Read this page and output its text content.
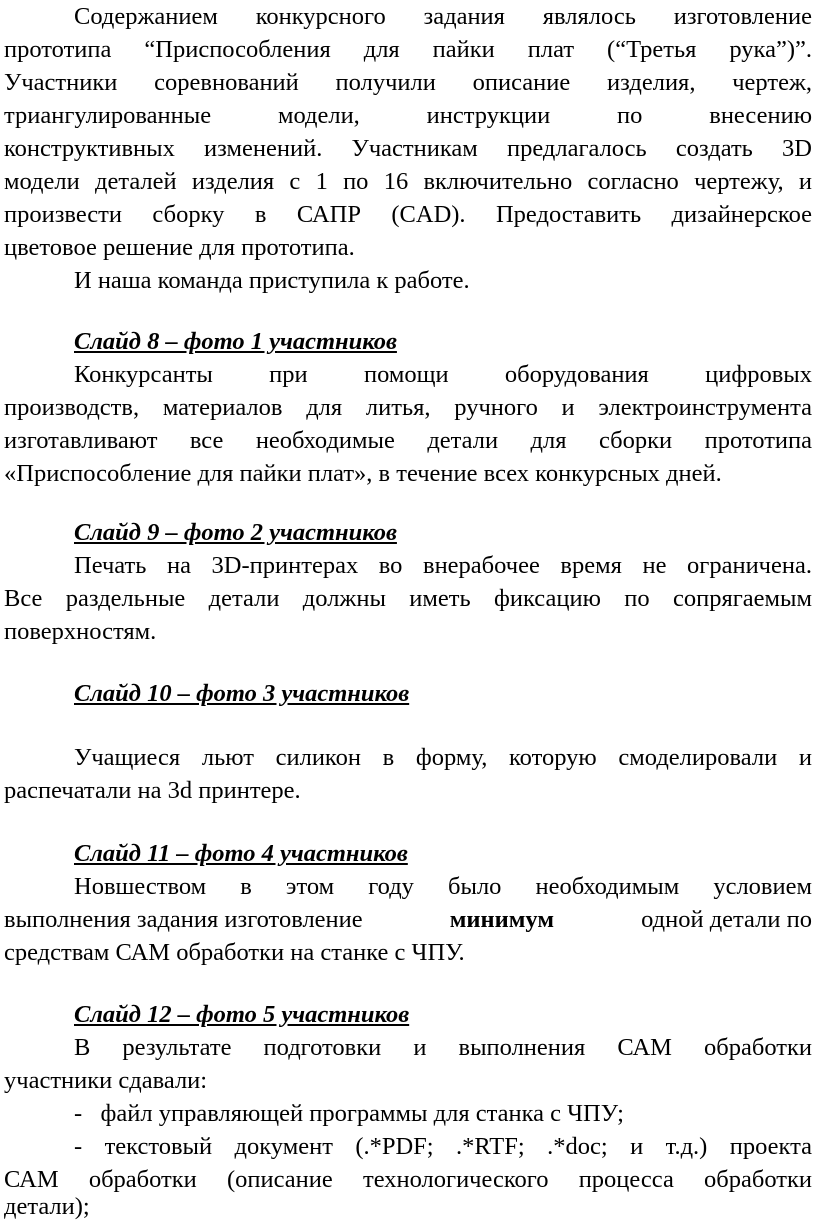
Содержанием конкурсного задания являлось изготовление
прототипа “Приспособления для пайки плат (“Третья рука”)”.
Участники соревнований получили описание изделия, чертеж,
триангулированные модели, инструкции по внесению
конструктивных изменений. Участникам предлагалось создать 3D
модели деталей изделия с 1 по 16 включительно согласно чертежу, и
произвести сборку в САПР (CAD). Предоставить дизайнерское
цветовое решение для прототипа.
И наша команда приступила к работе.
Слайд 8 – фото 1 участников
Конкурсанты при помощи оборудования цифровых
производств, материалов для литья, ручного и электроинструмента
изготавливают все необходимые детали для сборки прототипа
«Приспособление для пайки плат», в течение всех конкурсных дней.
Слайд 9 – фото 2 участников
Печать на 3D-принтерах во внерабочее время не ограничена.
Все раздельные детали должны иметь фиксацию по сопрягаемым
поверхностям.
Слайд 10 – фото 3 участников
Учащиеся льют силикон в форму, которую смоделировали и
распечатали на 3d принтере.
Слайд 11 – фото 4 участников
Новшеством в этом году было необходимым условием
выполнения задания изготовление	минимум	одной детали по
средствам САМ обработки на станке с ЧПУ.
Слайд 12 – фото 5 участников
В результате подготовки и выполнения САМ обработки
участники сдавали:
-   файл управляющей программы для станка с ЧПУ;
- текстовый документ (.*PDF; .*RTF; .*doc; и т.д.) проекта
САМ обработки (описание технологического процесса обработки
детали);
